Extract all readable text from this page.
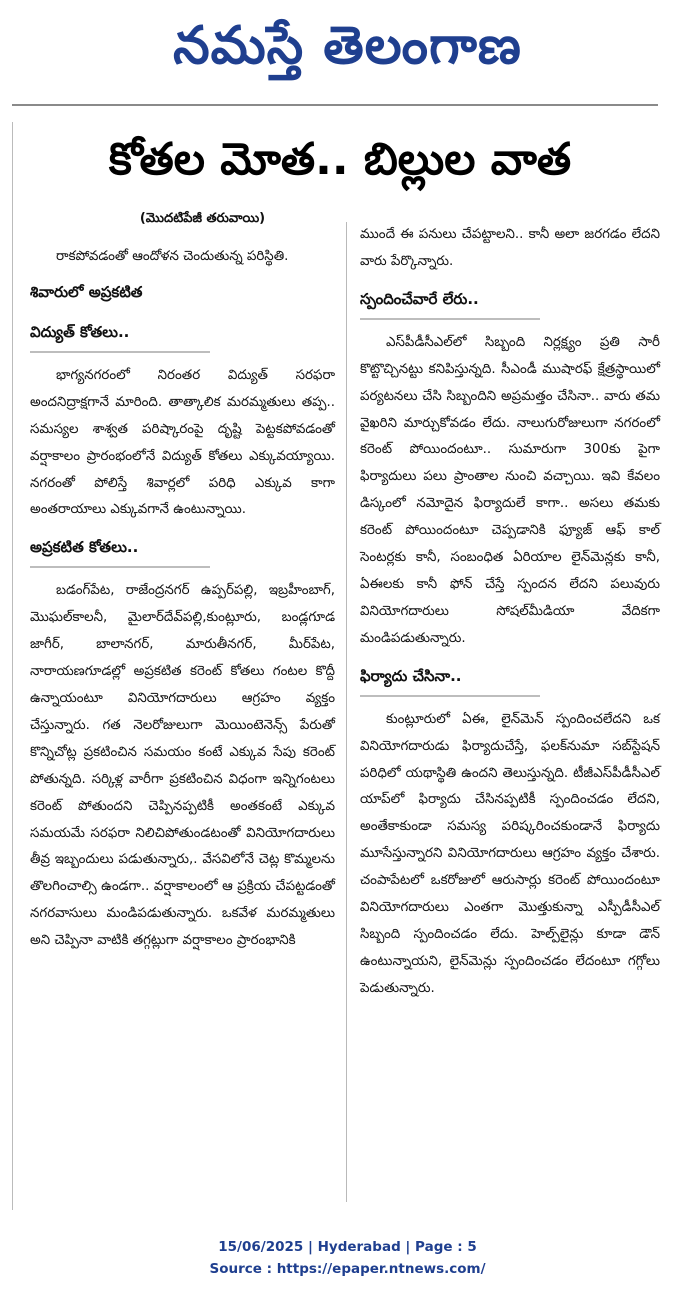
నమస్తే తెలంగాణ
కోతల మోత.. బిల్లుల వాత
(మొదటిపేజీ తరువాయి)

రాకపోవడంతో ఆందోళన చెందుతున్న పరిస్థితి.

శివారులో అప్రకటిత
విద్యుత్ కోతలు..

భాగ్యనగరంలో నిరంతర విద్యుత్ సరఫరా అందనిద్రాక్షగానే మారింది. తాత్కాలిక మరమ్మతులు తప్ప.. సమస్యల శాశ్వత పరిష్కారంపై దృష్టి పెట్టకపోవడంతో వర్షాకాలం ప్రారంభంలోనే విద్యుత్ కోతలు ఎక్కువయ్యాయి. నగరంతో పోలిస్తే శివార్లలో పరిధి ఎక్కువ కాగా అంతరాయాలు ఎక్కువగానే ఉంటున్నాయి.

అప్రకటిత కోతలు..

బడంగ్‌పేట, రాజేంద్రనగర్ ఉప్పర్‌పల్లి, ఇబ్రహీంబాగ్, మొఘల్‌కాలనీ, మైలార్‌దేవ్‌పల్లి,కుంట్లూరు, బండ్లగూడ జాగీర్, బాలానగర్, మారుతీనగర్, మీర్‌పేట, నారాయణగూడల్లో అప్రకటిత కరెంట్ కోతలు గంటల కొద్దీ ఉన్నాయంటూ వినియోగదారులు ఆగ్రహం వ్యక్తం చేస్తున్నారు. గత నెలరోజులుగా మెయింటెనెన్స్ పేరుతో కొన్నిచోట్ల ప్రకటించిన సమయం కంటే ఎక్కువ సేపు కరెంట్ పోతున్నది. సర్కిళ్ల వారీగా ప్రకటించిన విధంగా ఇన్నిగంటలు కరెంట్ పోతుందని చెప్పినప్పటికీ అంతకంటే ఎక్కువ సమయమే సరఫరా నిలిచిపోతుండటంతో వినియోగదారులు తీవ్ర ఇబ్బందులు పడుతున్నారు,. వేసవిలోనే చెట్ల కొమ్మలను తొలగించాల్సి ఉండగా.. వర్షాకాలంలో ఆ ప్రక్రియ చేపట్టడంతో నగరవాసులు మండిపడుతున్నారు. ఒకవేళ మరమ్మతులు అని చెప్పినా వాటికి తగ్గట్లుగా వర్షాకాలం ప్రారంభానికి

ముందే ఈ పనులు చేపట్టాలని.. కానీ అలా జరగడం లేదని వారు పేర్కొన్నారు.

స్పందించేవారే లేరు..

ఎస్‌పీడీసీఎల్‌లో సిబ్బంది నిర్లక్ష్యం ప్రతి సారీ కొట్టొచ్చినట్టు కనిపిస్తున్నది. సీఎండీ ముషారఫ్ క్షేత్రస్థాయిలో పర్యటనలు చేసి సిబ్బందిని అప్రమత్తం చేసినా.. వారు తమ వైఖరిని మార్చుకోవడం లేదు. నాలుగురోజులుగా నగరంలో కరెంట్ పోయిందంటూ.. సుమారుగా 300కు పైగా ఫిర్యాదులు పలు ప్రాంతాల నుంచి వచ్చాయి. ఇవి కేవలం డిస్కంలో నమోదైన ఫిర్యాదులే కాగా.. అసలు తమకు కరెంట్ పోయిందంటూ చెప్పడానికి ఫ్యూజ్ ఆఫ్ కాల్ సెంటర్లకు కానీ, సంబంధిత ఏరియాల లైన్‌మెన్లకు కానీ, ఏఈలకు కానీ ఫోన్ చేస్తే స్పందన లేదని పలువురు వినియోగదారులు సోషల్‌మీడియా వేదికగా మండిపడుతున్నారు.

ఫిర్యాదు చేసినా..

కుంట్లూరులో ఏఈ, లైన్‌మెన్ స్పందించలేదని ఒక వినియోగదారుడు ఫిర్యాదుచేస్తే, ఫలక్‌నుమా సబ్‌స్టేషన్ పరిధిలో యథాస్థితి ఉందని తెలుస్తున్నది. టీజీఎస్‌పీడీసీఎల్ యాప్‌లో ఫిర్యాదు చేసినప్పటికీ స్పందించడం లేదని, అంతేకాకుండా సమస్య పరిష్కరించకుండానే ఫిర్యాదు మూసేస్తున్నారని వినియోగదారులు ఆగ్రహం వ్యక్తం చేశారు. చంపాపేటలో ఒకరోజులో ఆరుసార్లు కరెంట్ పోయిందంటూ వినియోగదారులు ఎంతగా మొత్తుకున్నా ఎస్పీడీసీఎల్ సిబ్బంది స్పందించడం లేదు. హెల్ప్‌లైన్లు కూడా డౌన్ ఉంటున్నాయని, లైన్‌మెన్లు స్పందించడం లేదంటూ గగ్గోలు పెడుతున్నారు.

15/06/2025 | Hyderabad | Page : 5
Source : https://epaper.ntnews.com/
